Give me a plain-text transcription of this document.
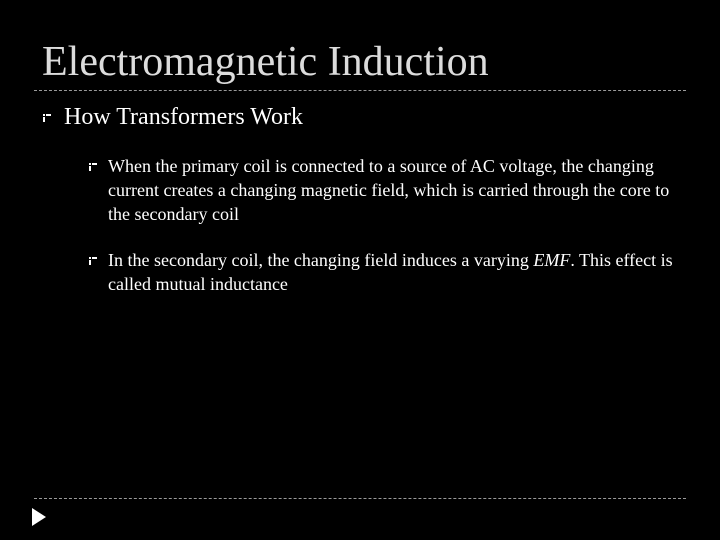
Electromagnetic Induction
How Transformers Work
When the primary coil is connected to a source of AC voltage, the changing current creates a changing magnetic field, which is carried through the core to the secondary coil
In the secondary coil, the changing field induces a varying EMF. This effect is called mutual inductance
